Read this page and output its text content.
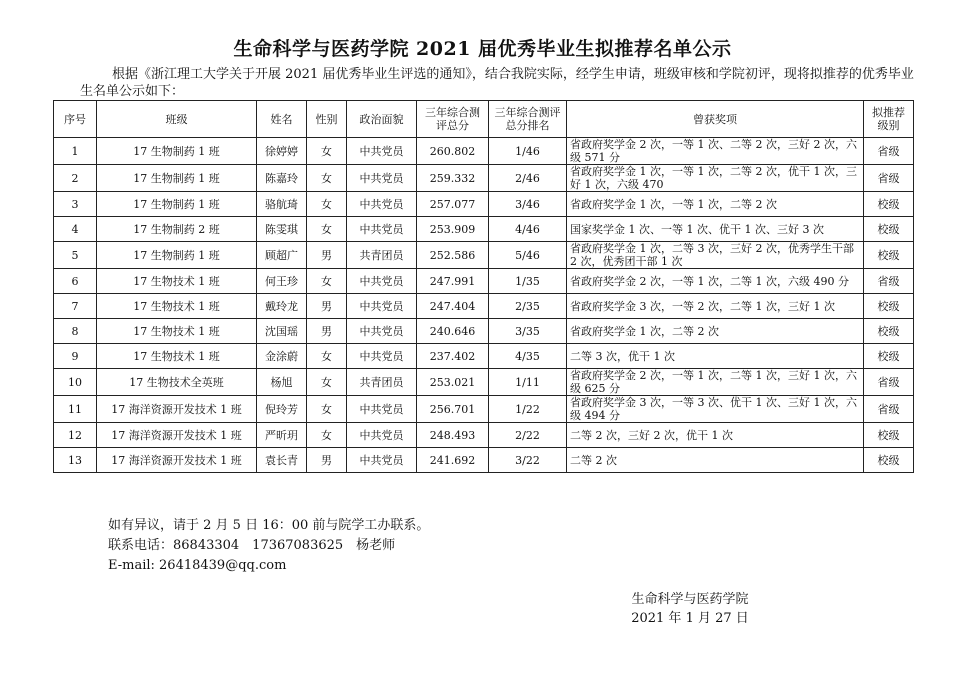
生命科学与医药学院 2021 届优秀毕业生拟推荐名单公示
根据《浙江理工大学关于开展 2021 届优秀毕业生评选的通知》，结合我院实际，经学生申请，班级审核和学院初评，现将拟推荐的优秀毕业生名单公示如下：
序号	班级	姓名	性别	政治面貌	三年综合测评总分	三年综合测评总分排名	曾获奖项	拟推荐级别
1	17 生物制药 1 班	徐婷婷	女	中共党员	260.802	1/46	省政府奖学金 2 次，一等 1 次、二等 2 次，三好 2 次，六级 571 分	省级
2	17 生物制药 1 班	陈嘉玲	女	中共党员	259.332	2/46	省政府奖学金 1 次，一等 1 次，二等 2 次，优干 1 次，三好 1 次，六级 470	省级
3	17 生物制药 1 班	骆航琦	女	中共党员	257.077	3/46	省政府奖学金 1 次，一等 1 次，二等 2 次	校级
4	17 生物制药 2 班	陈雯琪	女	中共党员	253.909	4/46	国家奖学金 1 次、一等 1 次、优干 1 次、三好 3 次	校级
5	17 生物制药 1 班	顾超广	男	共青团员	252.586	5/46	省政府奖学金 1 次，二等 3 次，三好 2 次，优秀学生干部 2 次，优秀团干部 1 次	校级
6	17 生物技术 1 班	何王珍	女	中共党员	247.991	1/35	省政府奖学金 2 次，一等 1 次，二等 1 次，六级 490 分	省级
7	17 生物技术 1 班	戴玲龙	男	中共党员	247.404	2/35	省政府奖学金 3 次，一等 2 次，二等 1 次，三好 1 次	校级
8	17 生物技术 1 班	沈国瑶	男	中共党员	240.646	3/35	省政府奖学金 1 次，二等 2 次	校级
9	17 生物技术 1 班	金涂蔚	女	中共党员	237.402	4/35	二等 3 次，优干 1 次	校级
10	17 生物技术全英班	杨旭	女	共青团员	253.021	1/11	省政府奖学金 2 次，一等 1 次，二等 1 次，三好 1 次，六级 625 分	省级
11	17 海洋资源开发技术 1 班	倪玲芳	女	中共党员	256.701	1/22	省政府奖学金 3 次，一等 3 次、优干 1 次、三好 1 次，六级 494 分	省级
12	17 海洋资源开发技术 1 班	严昕玥	女	中共党员	248.493	2/22	二等 2 次，三好 2 次，优干 1 次	校级
13	17 海洋资源开发技术 1 班	袁长青	男	中共党员	241.692	3/22	二等 2 次	校级
如有异议，请于 2 月 5 日 16：00 前与院学工办联系。
联系电话：86843304　17367083625　杨老师
E-mail: 26418439@qq.com
生命科学与医药学院
2021 年 1 月 27 日
